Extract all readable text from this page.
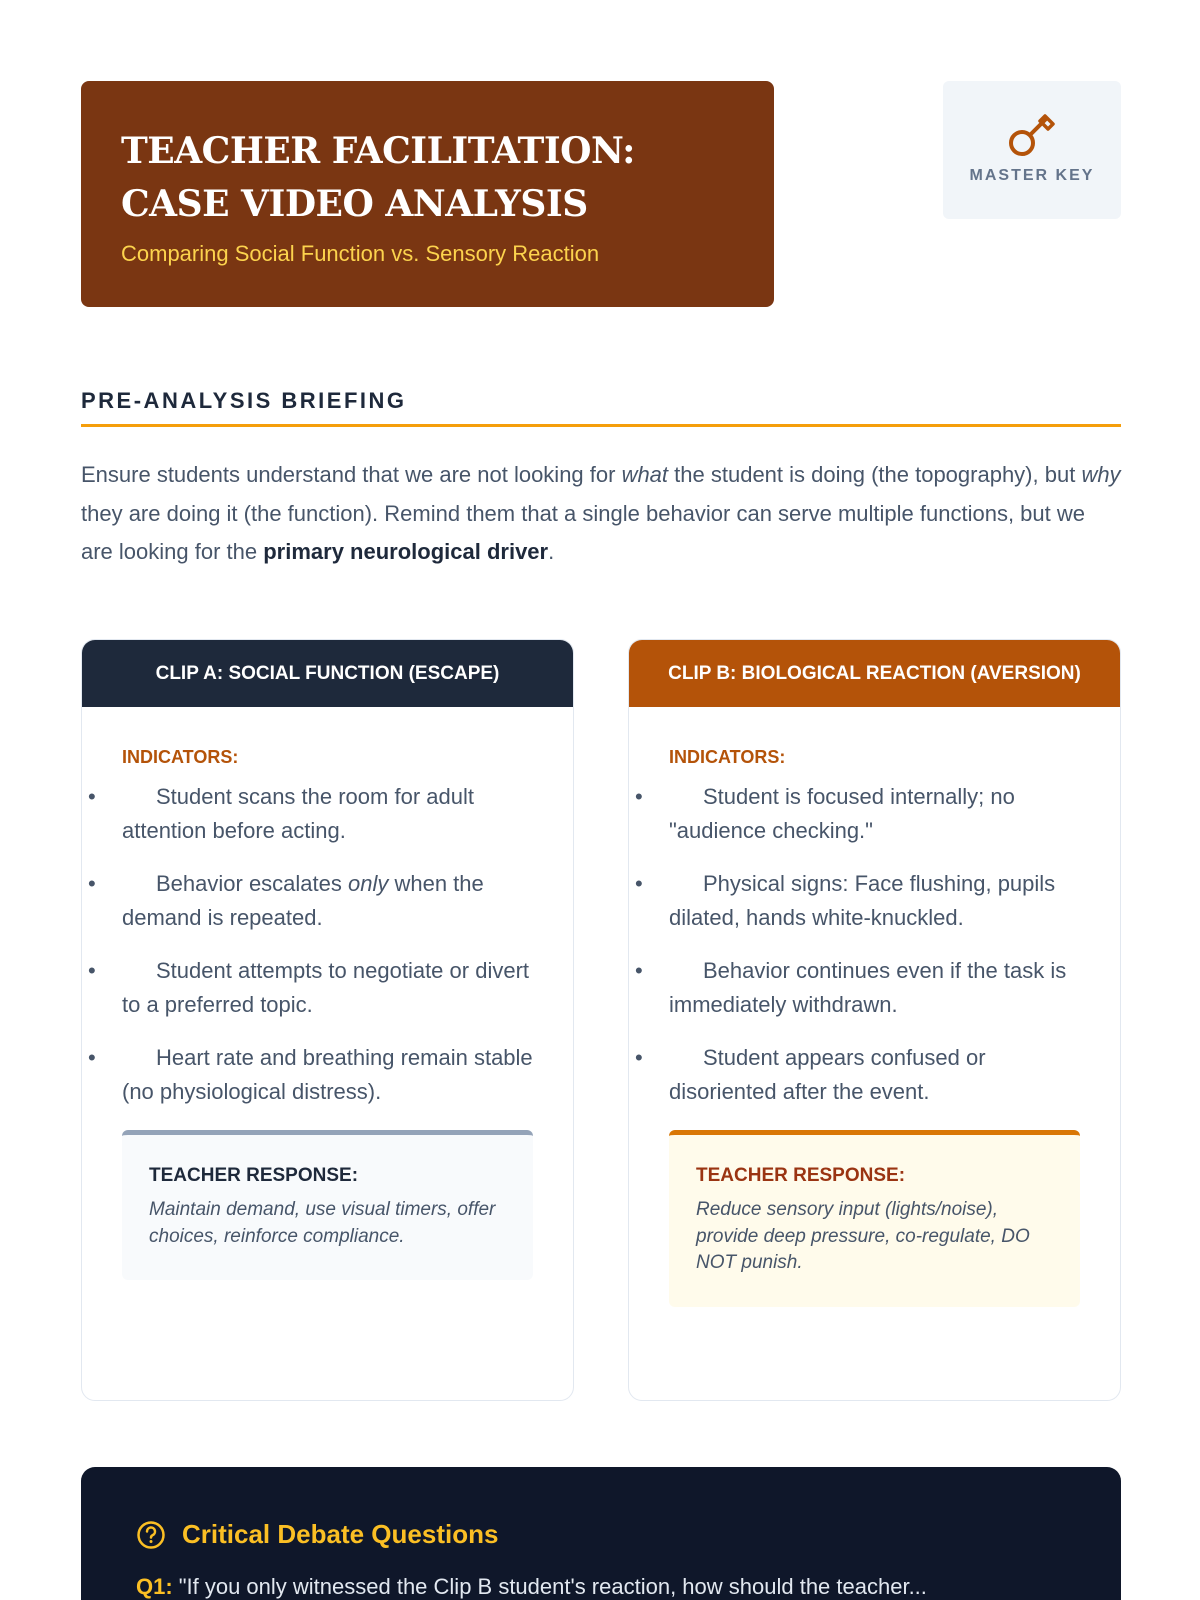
TEACHER FACILITATION: CASE VIDEO ANALYSIS
Comparing Social Function vs. Sensory Reaction
MASTER KEY
PRE-ANALYSIS BRIEFING

Ensure students understand that we are not looking for what the student is doing (the topography), but why they are doing it (the function). Remind them that a single behavior can serve multiple functions, but we are looking for the primary neurological driver.

CLIP A: SOCIAL FUNCTION (ESCAPE)
INDICATORS:
• Student scans the room for adult attention before acting.
• Behavior escalates only when the demand is repeated.
• Student attempts to negotiate or divert to a preferred topic.
• Heart rate and breathing remain stable (no physiological distress).
TEACHER RESPONSE:
Maintain demand, use visual timers, offer choices, reinforce compliance.
CLIP B: BIOLOGICAL REACTION (AVERSION)
INDICATORS:
• Student is focused internally; no "audience checking."
• Physical signs: Face flushing, pupils dilated, hands white-knuckled.
• Behavior continues even if the task is immediately withdrawn.
• Student appears confused or disoriented after the event.
TEACHER RESPONSE:
Reduce sensory input (lights/noise), provide deep pressure, co-regulate, DO NOT punish.
Critical Debate Questions
Q1: "If you only witnessed the Clip B student's reaction, how should the teacher...
